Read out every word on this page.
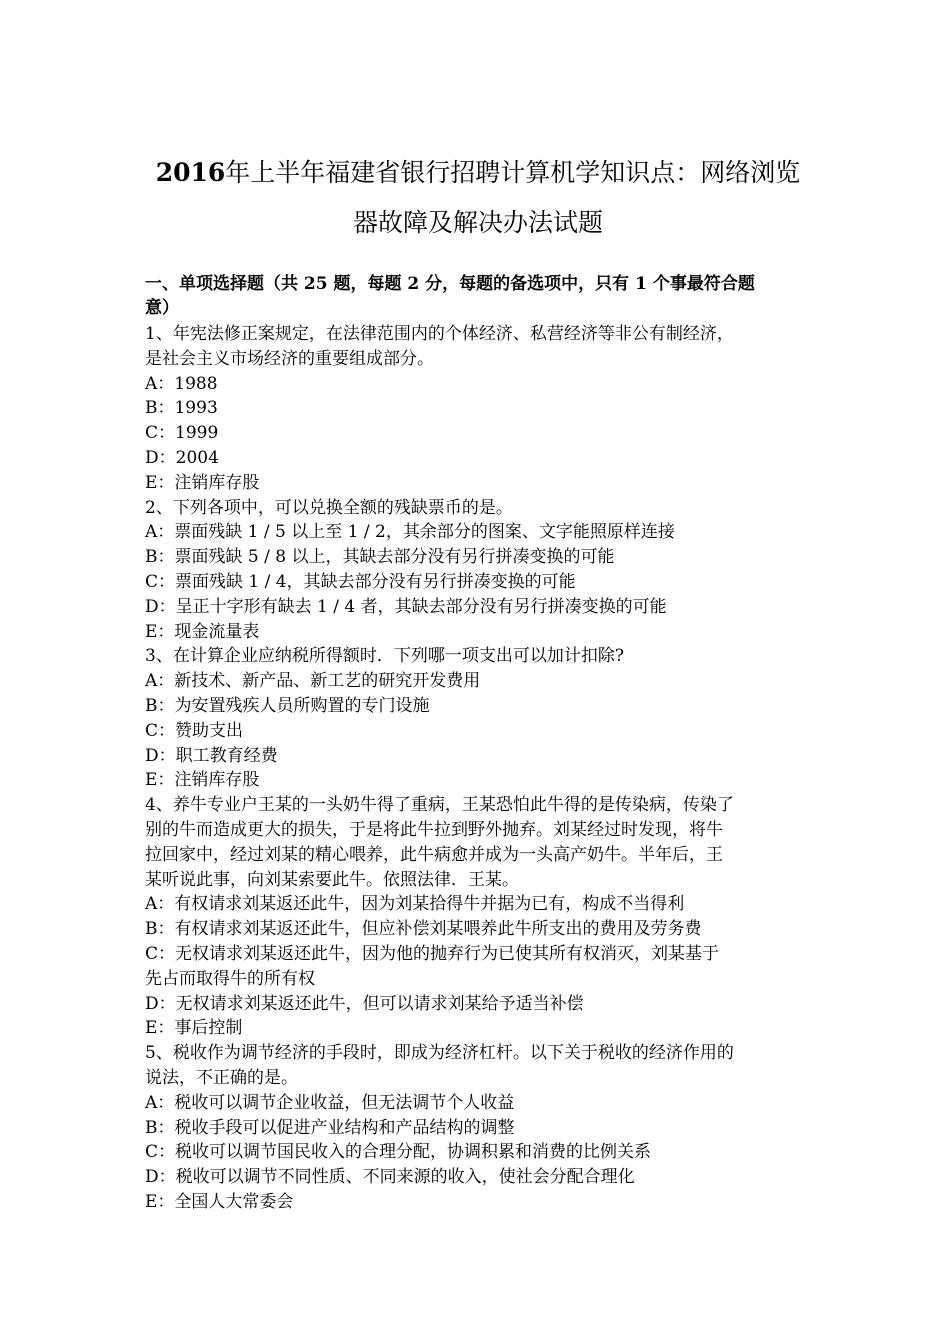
2016年上半年福建省银行招聘计算机学知识点：网络浏览
器故障及解决办法试题
一、单项选择题（共 25 题，每题 2 分，每题的备选项中，只有 1 个事最符合题
意）

1、年宪法修正案规定，在法律范围内的个体经济、私营经济等非公有制经济，

是社会主义市场经济的重要组成部分。

A：1988

B：1993

C：1999

D：2004

E：注销库存股

2、下列各项中，可以兑换全额的残缺票币的是。

A：票面残缺 1 / 5 以上至 1 / 2，其余部分的图案、文字能照原样连接

B：票面残缺 5 / 8 以上，其缺去部分没有另行拼凑变换的可能

C：票面残缺 1 / 4，其缺去部分没有另行拼凑变换的可能

D：呈正十字形有缺去 1 / 4 者，其缺去部分没有另行拼凑变换的可能

E：现金流量表

3、在计算企业应纳税所得额时．下列哪一项支出可以加计扣除?

A：新技术、新产品、新工艺的研究开发费用

B：为安置残疾人员所购置的专门设施

C：赞助支出

D：职工教育经费

E：注销库存股

4、养牛专业户王某的一头奶牛得了重病，王某恐怕此牛得的是传染病，传染了

别的牛而造成更大的损失，于是将此牛拉到野外抛弃。刘某经过时发现，将牛

拉回家中，经过刘某的精心喂养，此牛病愈并成为一头高产奶牛。半年后，王

某听说此事，向刘某索要此牛。依照法律．王某。

A：有权请求刘某返还此牛，因为刘某拾得牛并据为已有，构成不当得利

B：有权请求刘某返还此牛，但应补偿刘某喂养此牛所支出的费用及劳务费

C：无权请求刘某返还此牛，因为他的抛弃行为已使其所有权消灭，刘某基于

先占而取得牛的所有权

D：无权请求刘某返还此牛，但可以请求刘某给予适当补偿

E：事后控制

5、税收作为调节经济的手段时，即成为经济杠杆。以下关于税收的经济作用的

说法，不正确的是。

A：税收可以调节企业收益，但无法调节个人收益

B：税收手段可以促进产业结构和产品结构的调整

C：税收可以调节国民收入的合理分配，协调积累和消费的比例关系

D：税收可以调节不同性质、不同来源的收入，使社会分配合理化

E：全国人大常委会
